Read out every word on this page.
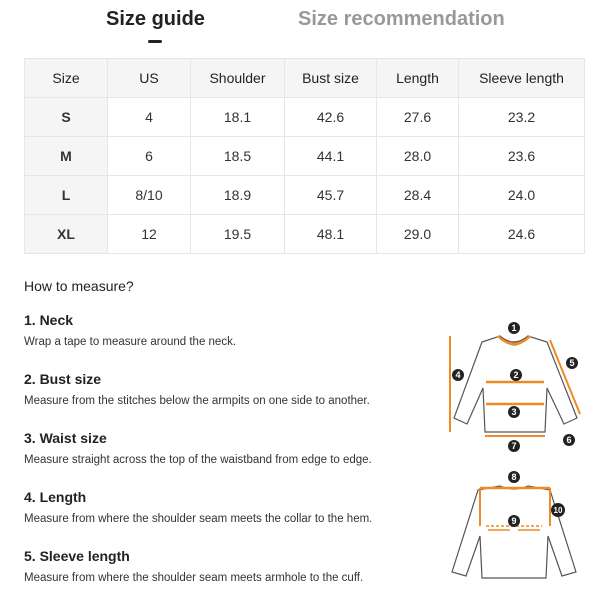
Size guide	Size recommendation
Size	US	Shoulder	Bust size	Length	Sleeve length
S	4	18.1	42.6	27.6	23.2
M	6	18.5	44.1	28.0	23.6
L	8/10	18.9	45.7	28.4	24.0
XL	12	19.5	48.1	29.0	24.6
How to measure?
1. Neck
Wrap a tape to measure around the neck.
2. Bust size
Measure from the stitches below the armpits on one side to another.
3. Waist size
Measure straight across the top of the waistband from edge to edge.
4. Length
Measure from where the shoulder seam meets the collar to the hem.
5. Sleeve length
Measure from where the shoulder seam meets armhole to the cuff.
1
2
3
4
5
6
7
8
9
10
